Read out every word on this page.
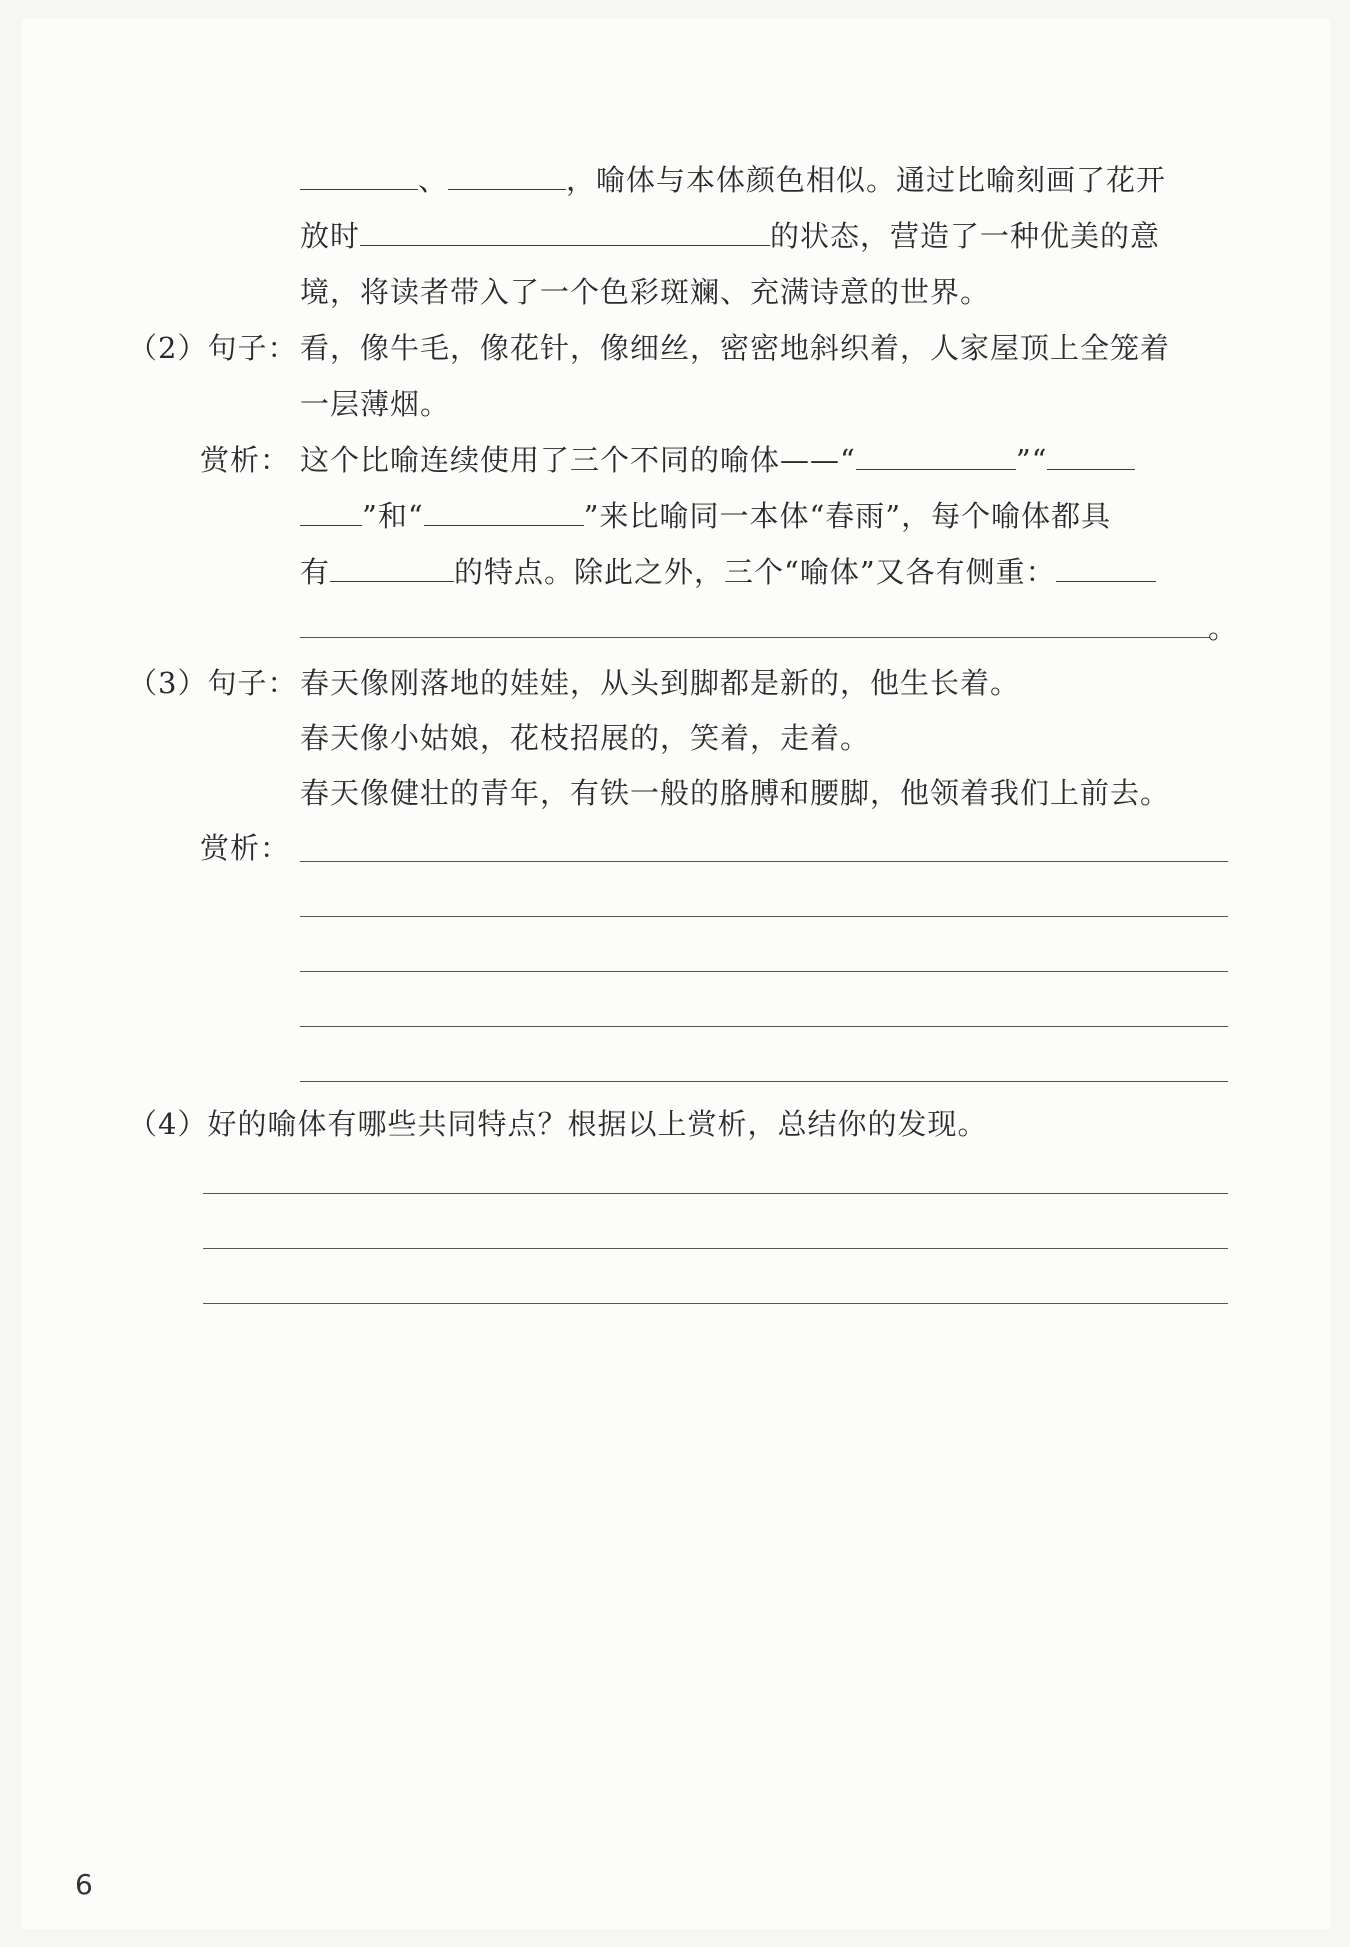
、	，喻体与本体颜色相似。通过比喻刻画了花开
放时	的状态，营造了一种优美的意
境，将读者带入了一个色彩斑斓、充满诗意的世界。
（2）句子： 看，像牛毛，像花针，像细丝，密密地斜织着，人家屋顶上全笼着
一层薄烟。
赏析： 这个比喻连续使用了三个不同的喻体——“	”“
”和“	”来比喻同一本体“春雨”，每个喻体都具
有	的特点。除此之外，三个“喻体”又各有侧重：
。
（3）句子： 春天像刚落地的娃娃，从头到脚都是新的，他生长着。
春天像小姑娘，花枝招展的，笑着，走着。
春天像健壮的青年，有铁一般的胳膊和腰脚，他领着我们上前去。
赏析：
（4）好的喻体有哪些共同特点？根据以上赏析，总结你的发现。
6
